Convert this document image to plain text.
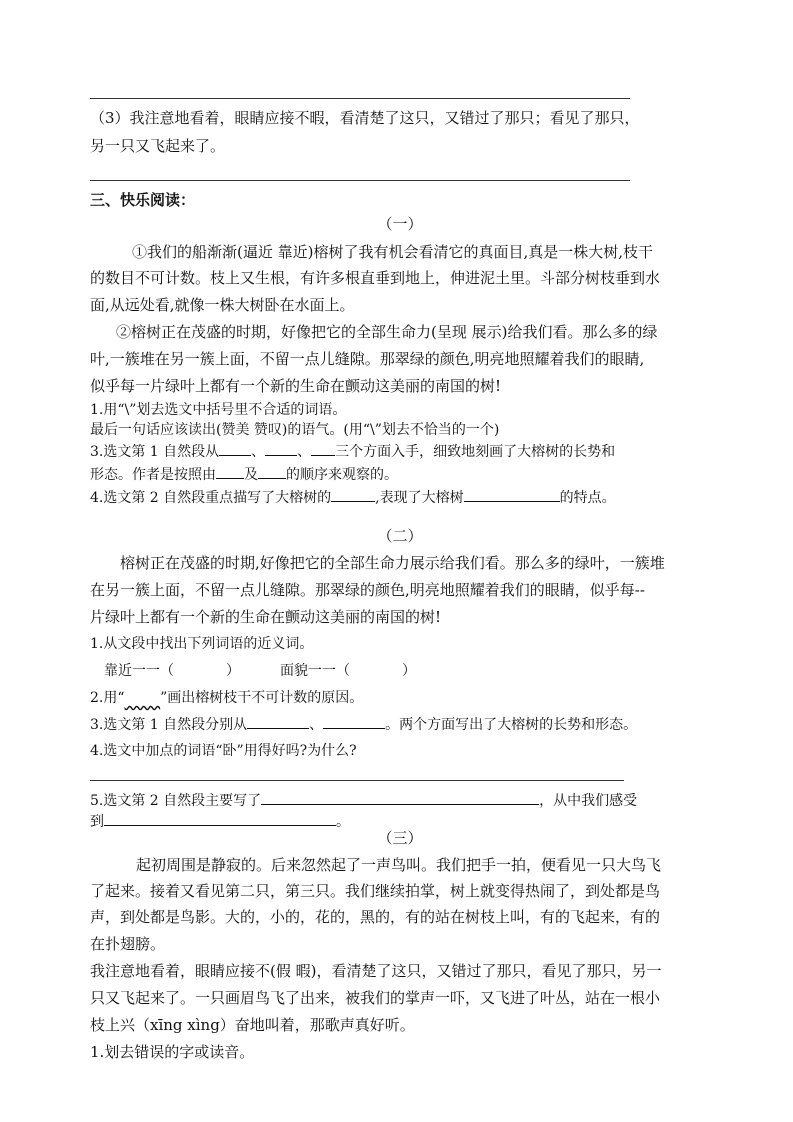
（3）我注意地看着，眼睛应接不暇，看清楚了这只，又错过了那只；看见了那只，
另一只又飞起来了。
三、快乐阅读：
（一）
①我们的船渐渐(逼近 靠近)榕树了我有机会看清它的真面目,真是一株大树,枝干
的数目不可计数。枝上又生根，有许多根直垂到地上，伸进泥土里。斗部分树枝垂到水
面,从远处看,就像一株大树卧在水面上。
②榕树正在茂盛的时期，好像把它的全部生命力(呈现 展示)给我们看。那么多的绿
叶,一簇堆在另一簇上面，不留一点儿缝隙。那翠绿的颜色,明亮地照耀着我们的眼睛,
似乎每一片绿叶上都有一个新的生命在颤动这美丽的南国的树!
1.用“\”划去选文中括号里不合适的词语。
最后一句话应该读出(赞美 赞叹)的语气。(用“\”划去不恰当的一个)
3.选文第 1 自然段从 、 、 三个方面入手，细致地刻画了大榕树的长势和
形态。作者是按照由 及 的顺序来观察的。
4.选文第 2 自然段重点描写了大榕树的	,表现了大榕树	的特点。
（二）
榕树正在茂盛的时期,好像把它的全部生命力展示给我们看。那么多的绿叶，一簇堆
在另一簇上面，不留一点儿缝隙。那翠绿的颜色,明亮地照耀着我们的眼睛，似乎每--
片绿叶上都有一个新的生命在颤动这美丽的南国的树!
1.从文段中找出下列词语的近义词。
靠近一一（	）	面貌一一（	）
2.用“	”画出榕树枝干不可计数的原因。
3.选文第 1 自然段分别从	、	。两个方面写出了大榕树的长势和形态。
4.选文中加点的词语“卧”用得好吗?为什么?
5.选文第 2 自然段主要写了	，从中我们感受
到	。
（三）
起初周围是静寂的。后来忽然起了一声鸟叫。我们把手一拍，便看见一只大鸟飞
了起来。接着又看见第二只，第三只。我们继续拍掌，树上就变得热闹了，到处都是鸟
声，到处都是鸟影。大的，小的，花的，黑的，有的站在树枝上叫，有的飞起来，有的
在扑翅膀。
我注意地看着，眼睛应接不(假 暇)，看清楚了这只，又错过了那只，看见了那只，另一
只又飞起来了。一只画眉鸟飞了出来，被我们的掌声一吓，又飞进了叶丛，站在一根小
枝上兴（xīng xìng）奋地叫着，那歌声真好听。
1.划去错误的字或读音。
